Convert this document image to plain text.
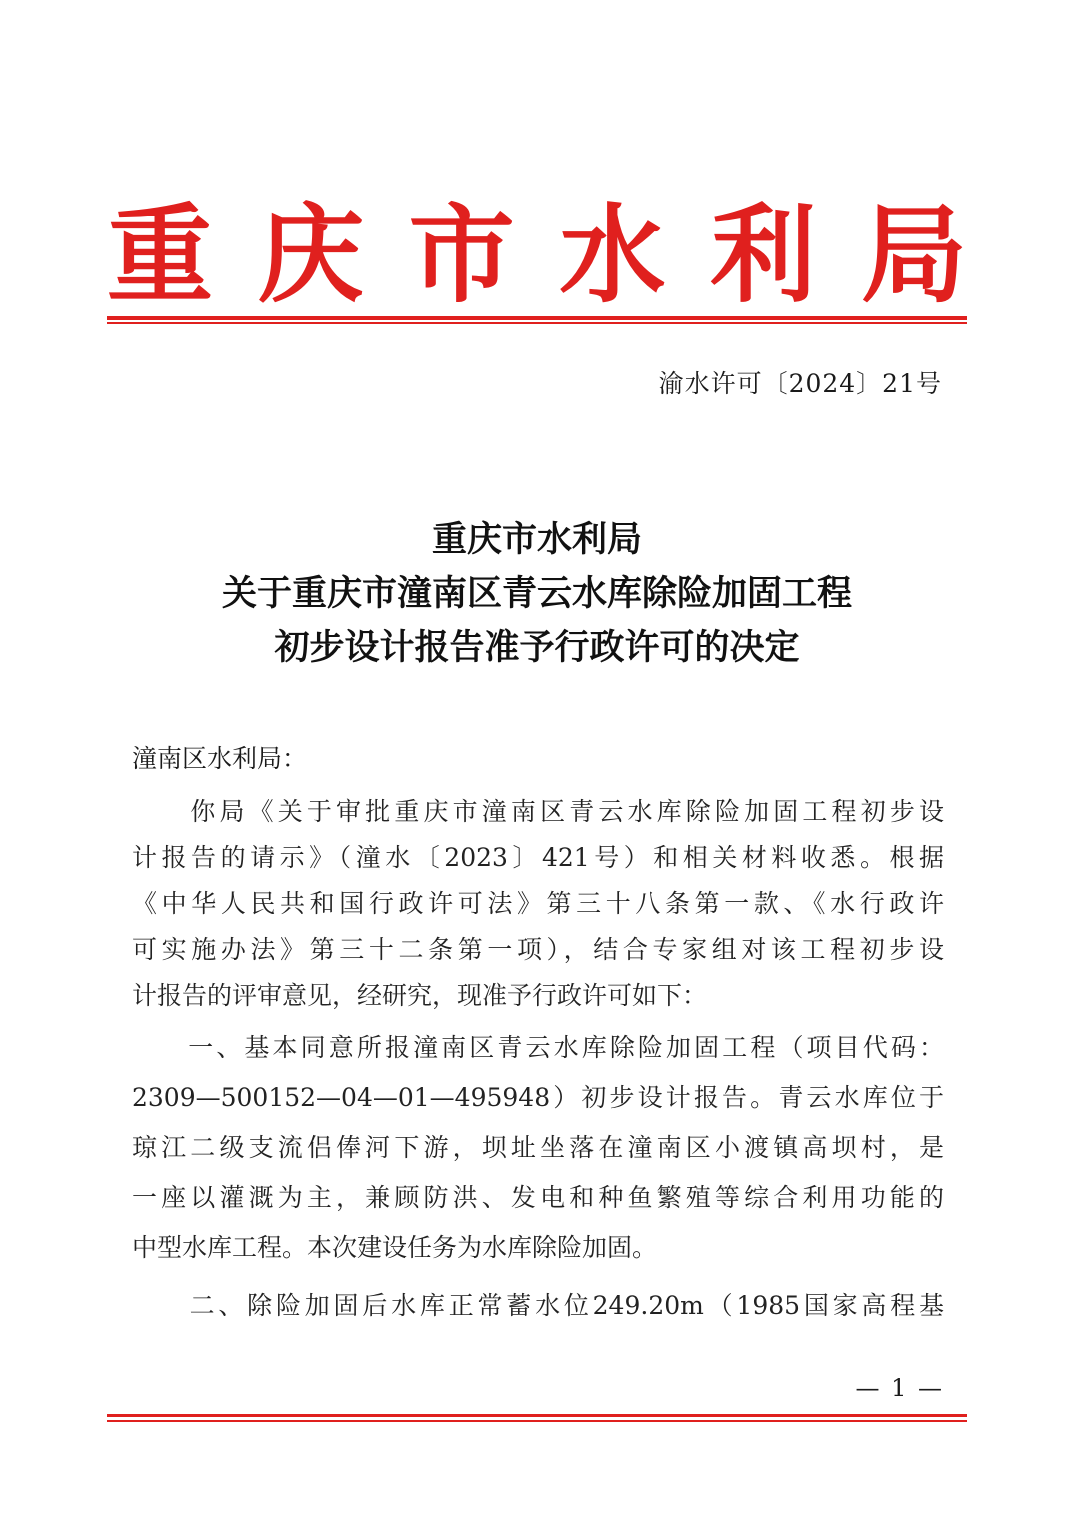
重 庆 市 水 利 局
渝水许可〔2024〕21号
重庆市水利局
关于重庆市潼南区青云水库除险加固工程
初步设计报告准予行政许可的决定
潼南区水利局：
　　你局《关于审批重庆市潼南区青云水库除险加固工程初步设
计报告的请示》（潼水〔2023〕421号）和相关材料收悉。根据
《中华人民共和国行政许可法》第三十八条第一款、《水行政许
可实施办法》第三十二条第一项），结合专家组对该工程初步设
计报告的评审意见，经研究，现准予行政许可如下：
　　一、基本同意所报潼南区青云水库除险加固工程（项目代码：
2309—500152—04—01—495948）初步设计报告。青云水库位于
琼江二级支流侣俸河下游，坝址坐落在潼南区小渡镇高坝村，是
一座以灌溉为主，兼顾防洪、发电和种鱼繁殖等综合利用功能的
中型水库工程。本次建设任务为水库除险加固。
　　二、除险加固后水库正常蓄水位249.20m（1985国家高程基
— 1 —
